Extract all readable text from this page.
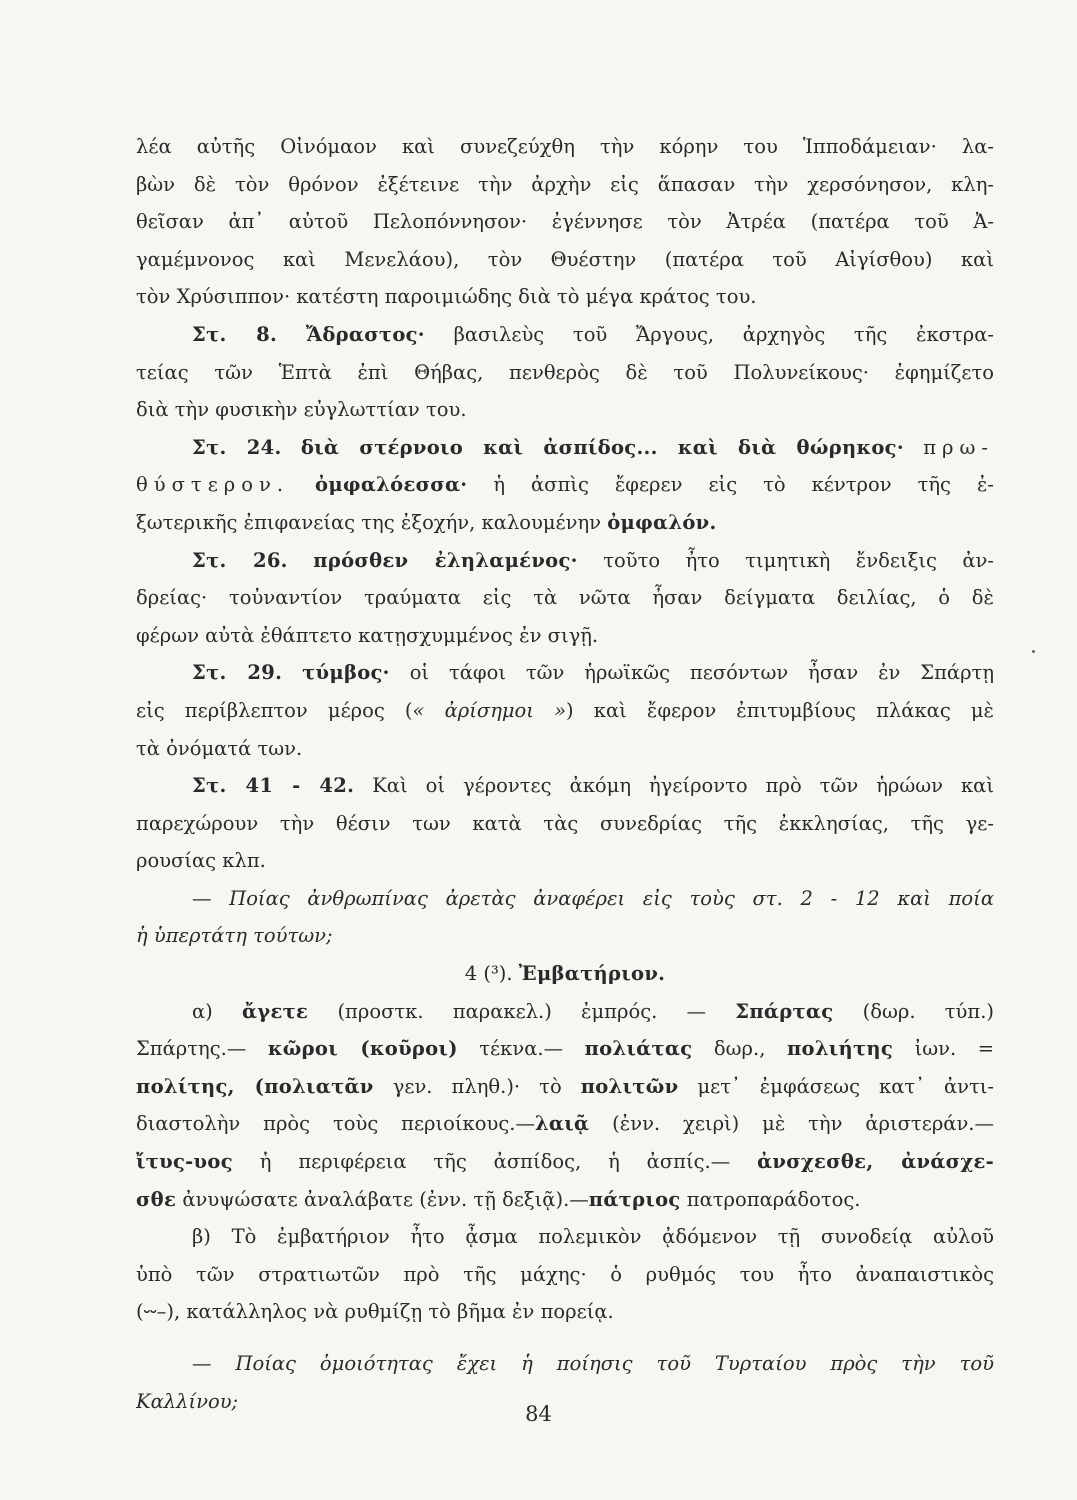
λέα αὐτῆς Οἰνόμαον καὶ συνεζεύχθη τὴν κόρην του Ἱπποδάμειαν· λα-
βὼν δὲ τὸν θρόνον ἐξέτεινε τὴν ἀρχὴν εἰς ἅπασαν τὴν χερσόνησον, κλη-
θεῖσαν ἀπ᾿ αὐτοῦ Πελοπόννησον· ἐγέννησε τὸν Ἀτρέα (πατέρα τοῦ Ἀ-
γαμέμνονος καὶ Μενελάου), τὸν Θυέστην (πατέρα τοῦ Αἰγίσθου) καὶ
τὸν Χρύσιππον· κατέστη παροιμιώδης διὰ τὸ μέγα κράτος του.
Στ. 8. Ἄδραστος· βασιλεὺς τοῦ Ἄργους, ἀρχηγὸς τῆς ἐκστρα-
τείας τῶν Ἑπτὰ ἐπὶ Θήβας, πενθερὸς δὲ τοῦ Πολυνείκους· ἐφημίζετο
διὰ τὴν φυσικὴν εὐγλωττίαν του.
Στ. 24. διὰ στέρνοιο καὶ ἀσπίδος... καὶ διὰ θώρηκος· πρω-
θύστερον. ὀμφαλόεσσα· ἡ ἀσπὶς ἔφερεν εἰς τὸ κέντρον τῆς ἐ-
ξωτερικῆς ἐπιφανείας της ἐξοχήν, καλουμένην ὀμφαλόν.
Στ. 26. πρόσθεν ἐληλαμένος· τοῦτο ἦτο τιμητικὴ ἔνδειξις ἀν-
δρείας· τοὐναντίον τραύματα εἰς τὰ νῶτα ἦσαν δείγματα δειλίας, ὁ δὲ
φέρων αὐτὰ ἐθάπτετο κατῃσχυμμένος ἐν σιγῇ.
Στ. 29. τύμβος· οἱ τάφοι τῶν ἡρωϊκῶς πεσόντων ἦσαν ἐν Σπάρτῃ
εἰς περίβλεπτον μέρος (« ἀρίσημοι ») καὶ ἔφερον ἐπιτυμβίους πλάκας μὲ
τὰ ὀνόματά των.
Στ. 41 - 42. Καὶ οἱ γέροντες ἀκόμη ἠγείροντο πρὸ τῶν ἡρώων καὶ
παρεχώρουν τὴν θέσιν των κατὰ τὰς συνεδρίας τῆς ἐκκλησίας, τῆς γε-
ρουσίας κλπ.
— Ποίας ἀνθρωπίνας ἀρετὰς ἀναφέρει εἰς τοὺς στ. 2 - 12 καὶ ποία
ἡ ὑπερτάτη τούτων;
4 (³). Ἐμβατήριον.
α) ἄγετε (προστκ. παρακελ.) ἐμπρός. — Σπάρτας (δωρ. τύπ.)
Σπάρτης.— κῶροι (κοῦροι) τέκνα.— πολιάτας δωρ., πολιήτης ἰων. =
πολίτης, (πολιατᾶν γεν. πληθ.)· τὸ πολιτῶν μετ᾿ ἐμφάσεως κατ᾿ ἀντι-
διαστολὴν πρὸς τοὺς περιοίκους.—λαιᾷ (ἐνν. χειρὶ) μὲ τὴν ἀριστεράν.—
ἴτυς-υος ἡ περιφέρεια τῆς ἀσπίδος, ἡ ἀσπίς.— ἀνσχεσθε, ἀνάσχε-
σθε ἀνυψώσατε ἀναλάβατε (ἐνν. τῇ δεξιᾷ).—πάτριος πατροπαράδοτος.
β) Τὸ ἐμβατήριον ἦτο ᾆσμα πολεμικὸν ᾀδόμενον τῇ συνοδείᾳ αὐλοῦ
ὑπὸ τῶν στρατιωτῶν πρὸ τῆς μάχης· ὁ ρυθμός του ἦτο ἀναπαιστικὸς
(⏑⏑–), κατάλληλος νὰ ρυθμίζῃ τὸ βῆμα ἐν πορείᾳ.
— Ποίας ὁμοιότητας ἔχει ἡ ποίησις τοῦ Τυρταίου πρὸς τὴν τοῦ
Καλλίνου;
84
